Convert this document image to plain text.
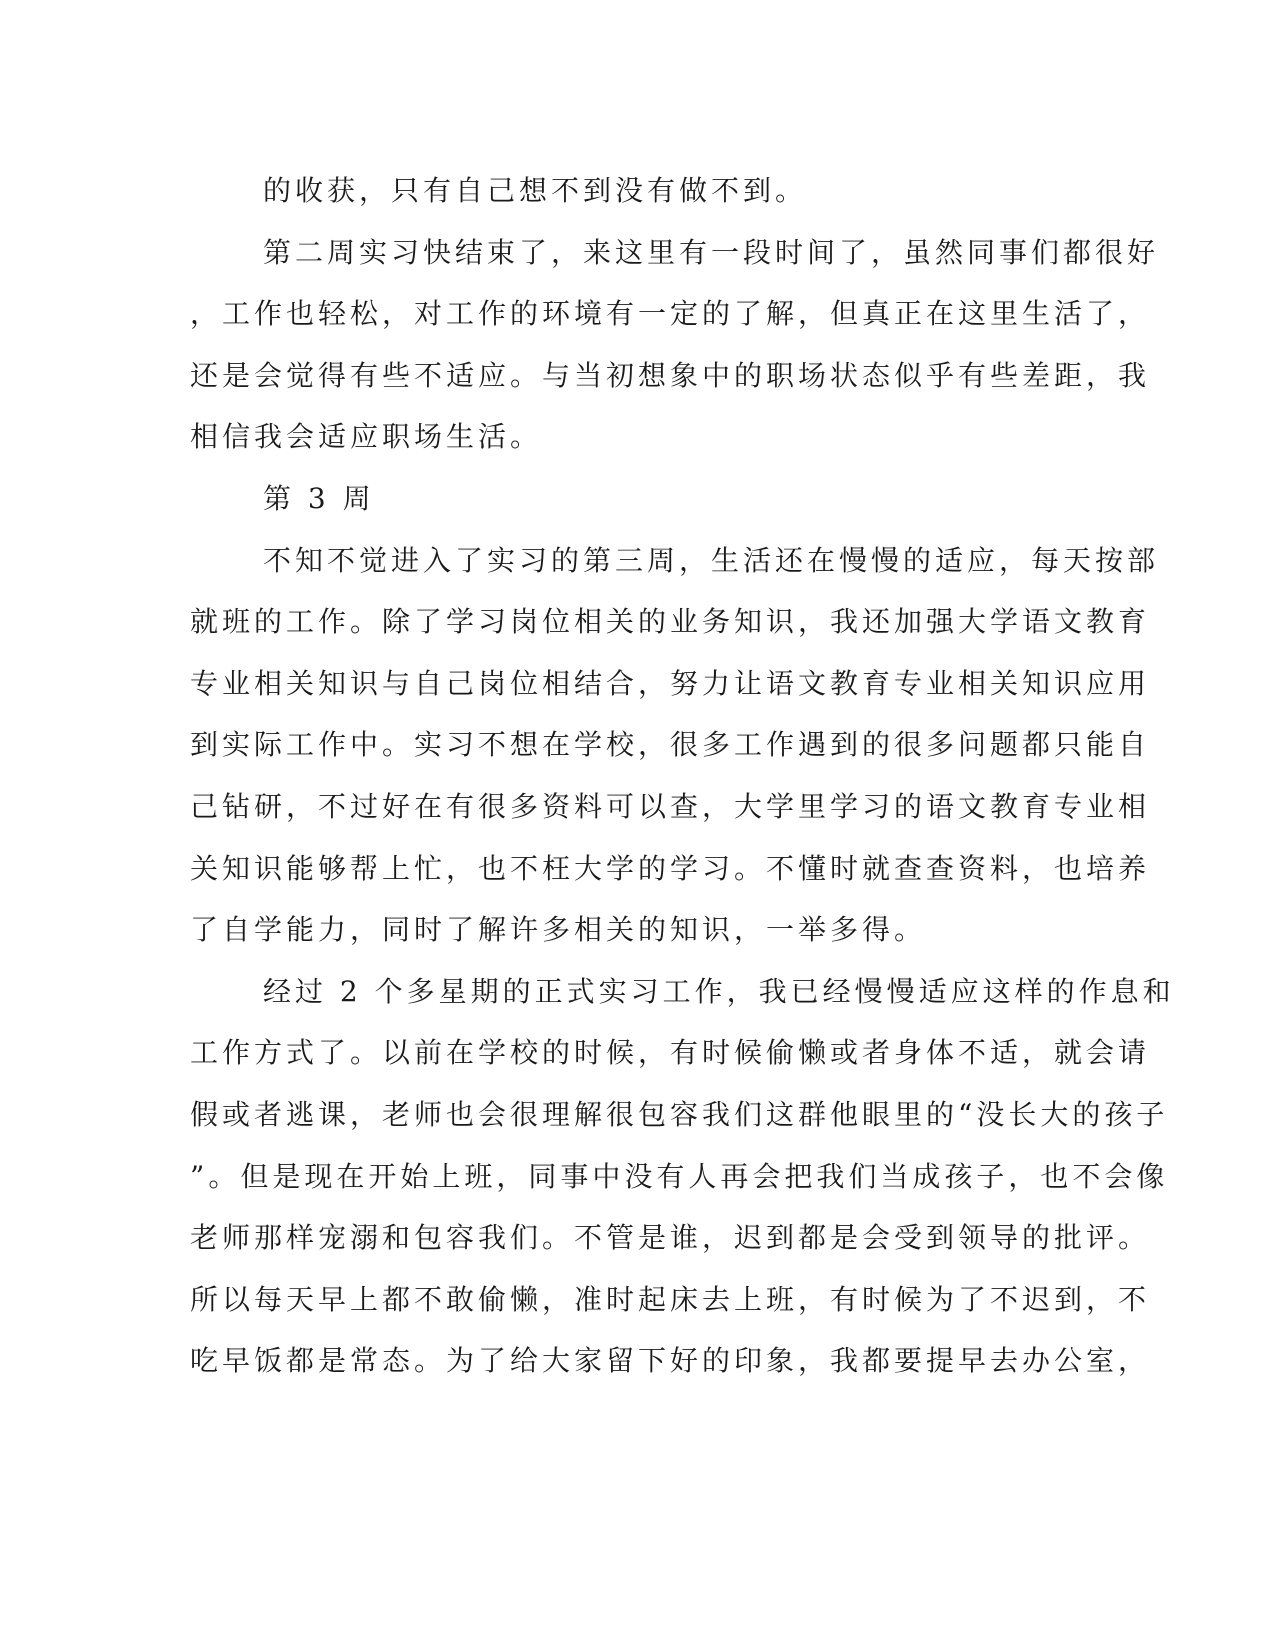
的收获，只有自己想不到没有做不到。
第二周实习快结束了，来这里有一段时间了，虽然同事们都很好
，工作也轻松，对工作的环境有一定的了解，但真正在这里生活了，
还是会觉得有些不适应。与当初想象中的职场状态似乎有些差距，我
相信我会适应职场生活。
第 3 周
不知不觉进入了实习的第三周，生活还在慢慢的适应，每天按部
就班的工作。除了学习岗位相关的业务知识，我还加强大学语文教育
专业相关知识与自己岗位相结合，努力让语文教育专业相关知识应用
到实际工作中。实习不想在学校，很多工作遇到的很多问题都只能自
己钻研，不过好在有很多资料可以查，大学里学习的语文教育专业相
关知识能够帮上忙，也不枉大学的学习。不懂时就查查资料，也培养
了自学能力，同时了解许多相关的知识，一举多得。
经过 2 个多星期的正式实习工作，我已经慢慢适应这样的作息和
工作方式了。以前在学校的时候，有时候偷懒或者身体不适，就会请
假或者逃课，老师也会很理解很包容我们这群他眼里的“没长大的孩子
”。但是现在开始上班，同事中没有人再会把我们当成孩子，也不会像
老师那样宠溺和包容我们。不管是谁，迟到都是会受到领导的批评。
所以每天早上都不敢偷懒，准时起床去上班，有时候为了不迟到，不
吃早饭都是常态。为了给大家留下好的印象，我都要提早去办公室，
